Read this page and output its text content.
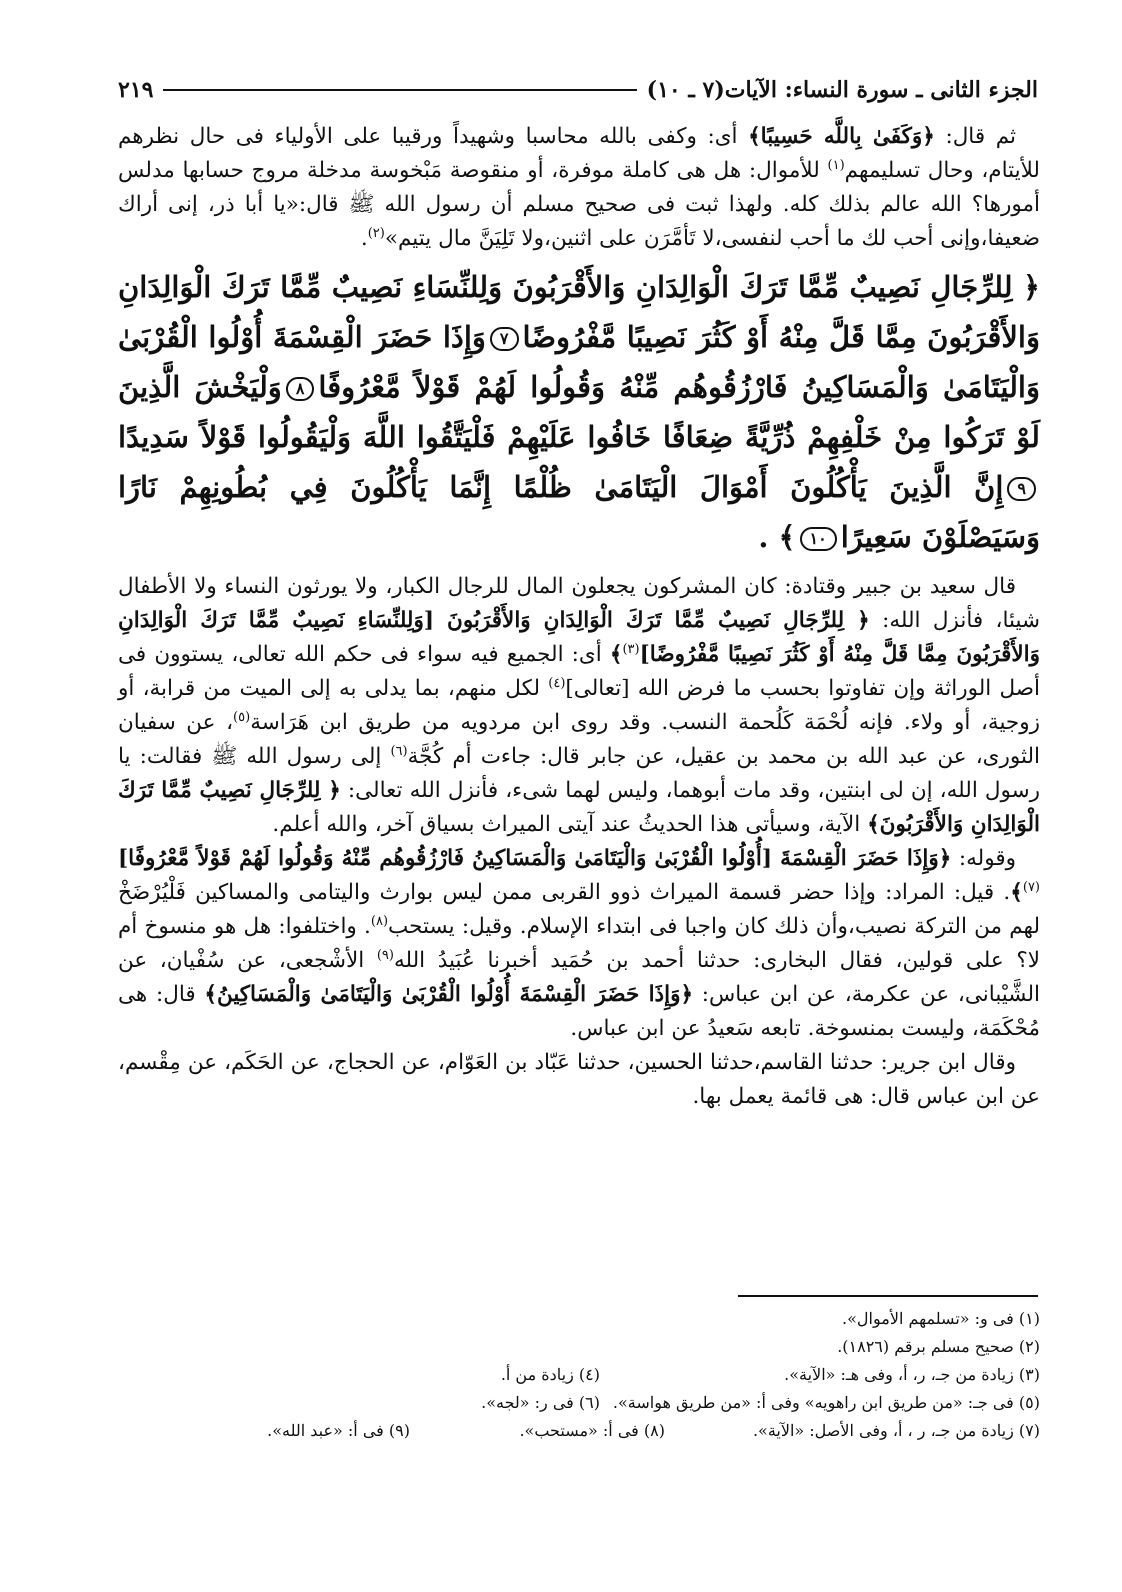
الجزء الثانى ـ سورة النساء: الآيات(٧ ـ ١٠)
٢١٩

ثم قال: ﴿وَكَفَىٰ بِاللَّه حَسِيبًا﴾ أى: وكفى بالله محاسبا وشهيداً ورقيبا على الأولياء فى حال نظرهم للأيتام، وحال تسليمهم$^{(١)}$ للأموال: هل هى كاملة موفرة، أو منقوصة مَبْخوسة مدخلة مروج حسابها مدلس أمورها؟ الله عالم بذلك كله. ولهذا ثبت فى صحيح مسلم أن رسول الله ﷺ قال:«يا أبا ذر، إنى أراك ضعيفا،وإنى أحب لك ما أحب لنفسى،لا تَأمَّرَن على اثنين،ولا تَلِيَنَّ مال يتيم»$^{(٢)}$.

﴿ لِلرِّجَالِ نَصِيبٌ مِّمَّا تَرَكَ الْوَالِدَانِ وَالأَقْرَبُونَ وَلِلنِّسَاءِ نَصِيبٌ مِّمَّا تَرَكَ الْوَالِدَانِ وَالأَقْرَبُونَ مِمَّا قَلَّ مِنْهُ أَوْ كَثُرَ نَصِيبًا مَّفْرُوضًا٧وَإِذَا حَضَرَ الْقِسْمَةَ أُوْلُوا الْقُرْبَىٰ وَالْيَتَامَىٰ وَالْمَسَاكِينُ فَارْزُقُوهُم مِّنْهُ وَقُولُوا لَهُمْ قَوْلاً مَّعْرُوفًا٨وَلْيَخْشَ الَّذِينَ لَوْ تَرَكُوا مِنْ خَلْفِهِمْ ذُرِّيَّةً ضِعَافًا خَافُوا عَلَيْهِمْ فَلْيَتَّقُوا اللَّهَ وَلْيَقُولُوا قَوْلاً سَدِيدًا٩إِنَّ الَّذِينَ يَأْكُلُونَ أَمْوَالَ الْيَتَامَىٰ ظُلْمًا إِنَّمَا يَأْكُلُونَ فِي بُطُونِهِمْ نَارًا وَسَيَصْلَوْنَ سَعِيرًا١٠﴾ .

قال سعيد بن جبير وقتادة: كان المشركون يجعلون المال للرجال الكبار، ولا يورثون النساء ولا الأطفال شيئا، فأنزل الله: ﴿ لِلرِّجَالِ نَصِيبٌ مِّمَّا تَرَكَ الْوَالِدَانِ وَالأَقْرَبُونَ [وَلِلنِّسَاءِ نَصِيبٌ مِّمَّا تَرَكَ الْوَالِدَانِ وَالأَقْرَبُونَ مِمَّا قَلَّ مِنْهُ أَوْ كَثُرَ نَصِيبًا مَّفْرُوضًا]$^{(٣)}$﴾ أى: الجميع فيه سواء فى حكم الله تعالى، يستوون فى أصل الوراثة وإن تفاوتوا بحسب ما فرض الله [تعالى]$^{(٤)}$ لكل منهم، بما يدلى به إلى الميت من قرابة، أو زوجية، أو ولاء. فإنه لُحْمَة كَلُحمة النسب. وقد روى ابن مردويه من طريق ابن هَرَاسة$^{(٥)}$، عن سفيان الثورى، عن عبد الله بن محمد بن عقيل، عن جابر قال: جاءت أم كُجَّة$^{(٦)}$ إلى رسول الله ﷺ فقالت: يا رسول الله، إن لى ابنتين، وقد مات أبوهما، وليس لهما شىء، فأنزل الله تعالى: ﴿ لِلرِّجَالِ نَصِيبٌ مِّمَّا تَرَكَ الْوَالِدَانِ وَالأَقْرَبُونَ﴾ الآية، وسيأتى هذا الحديثُ عند آيتى الميراث بسياق آخر، والله أعلم.

وقوله: ﴿وَإِذَا حَضَرَ الْقِسْمَةَ [أُوْلُوا الْقُرْبَىٰ وَالْيَتَامَىٰ وَالْمَسَاكِينُ فَارْزُقُوهُم مِّنْهُ وَقُولُوا لَهُمْ قَوْلاً مَّعْرُوفًا]$^{(٧)}$﴾. قيل: المراد: وإذا حضر قسمة الميراث ذوو القربى ممن ليس بوارث واليتامى والمساكين فَلْيُرْضَخْ لهم من التركة نصيب،وأن ذلك كان واجبا فى ابتداء الإسلام. وقيل: يستحب$^{(٨)}$. واختلفوا: هل هو منسوخ أم لا؟ على قولين، فقال البخارى: حدثنا أحمد بن حُمَيد أخبرنا عُبَيدُ الله$^{(٩)}$ الأشْجعى، عن سُفْيان، عن الشَّيْبانى، عن عكرمة، عن ابن عباس: ﴿وَإِذَا حَضَرَ الْقِسْمَةَ أُوْلُوا الْقُرْبَىٰ وَالْيَتَامَىٰ وَالْمَسَاكِينُ﴾ قال: هى مُحْكَمَة، وليست بمنسوخة. تابعه سَعيدُ عن ابن عباس.

وقال ابن جرير: حدثنا القاسم،حدثنا الحسين، حدثنا عَبّاد بن العَوّام، عن الحجاج، عن الحَكَم، عن مِقْسم، عن ابن عباس قال: هى قائمة يعمل بها.

(١) فى و: «تسلمهم الأموال».
(٢) صحيح مسلم برقم (١٨٢٦).
(٣) زيادة من جـ، ر، أ، وفى هـ: «الآية».
(٤) زيادة من أ.
(٥) فى جـ: «من طريق ابن راهويه» وفى أ: «من طريق هواسة».
(٦) فى ر: «لجه».
(٧) زيادة من جـ، ر ، أ، وفى الأصل: «الآية».
(٨) فى أ: «مستحب».
(٩) فى أ: «عبد الله».
